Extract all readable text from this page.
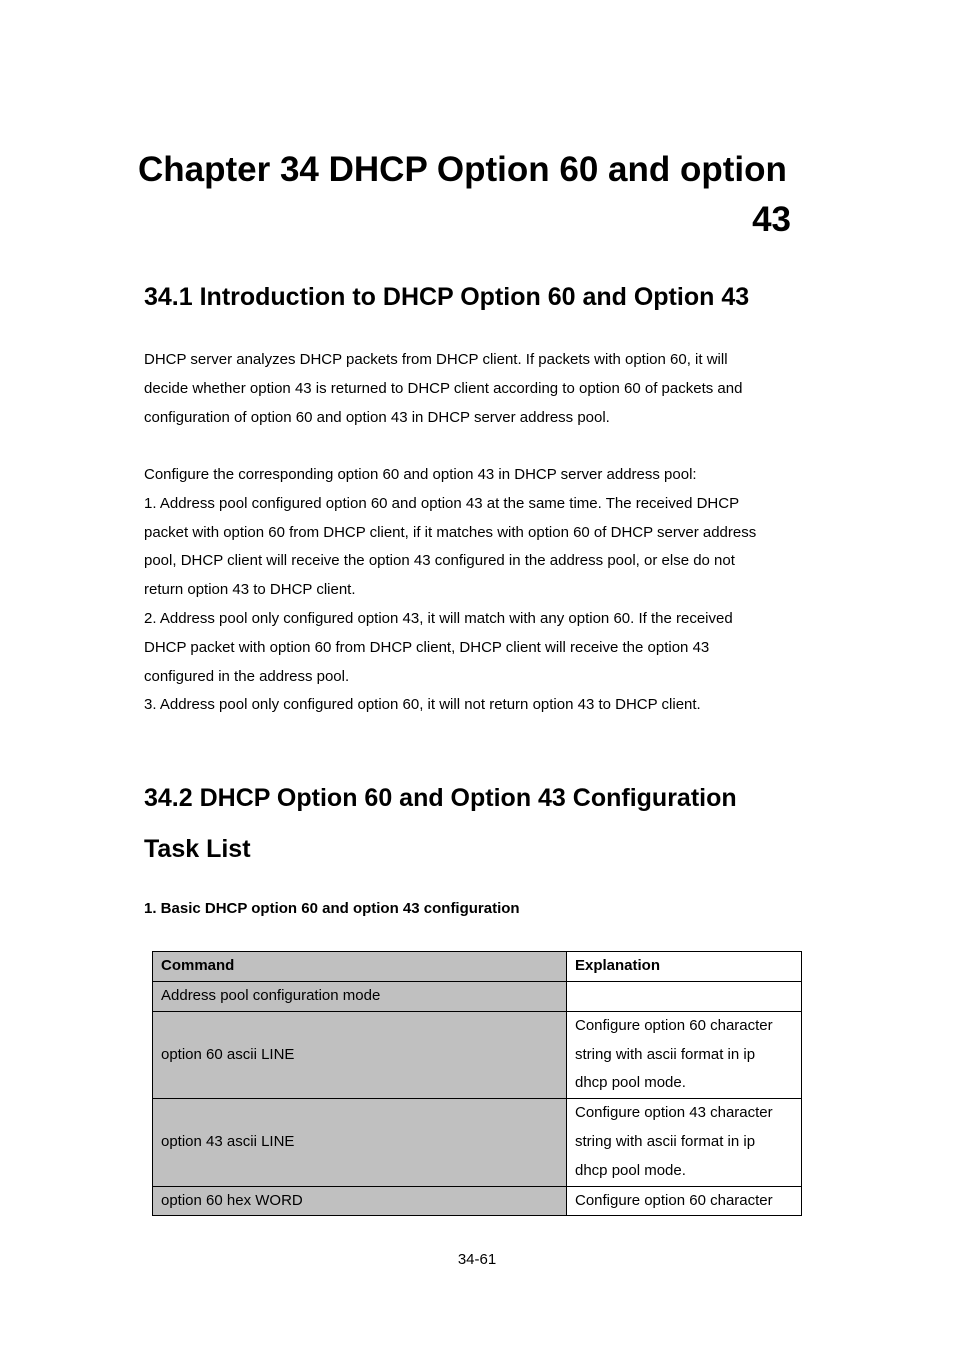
Chapter 34 DHCP Option 60 and option
43
34.1 Introduction to DHCP Option 60 and Option 43
DHCP server analyzes DHCP packets from DHCP client. If packets with option 60, it will
decide whether option 43 is returned to DHCP client according to option 60 of packets and
configuration of option 60 and option 43 in DHCP server address pool.
Configure the corresponding option 60 and option 43 in DHCP server address pool:
1. Address pool configured option 60 and option 43 at the same time. The received DHCP
packet with option 60 from DHCP client, if it matches with option 60 of DHCP server address
pool, DHCP client will receive the option 43 configured in the address pool, or else do not
return option 43 to DHCP client.
2. Address pool only configured option 43, it will match with any option 60. If the received
DHCP packet with option 60 from DHCP client, DHCP client will receive the option 43
configured in the address pool.
3. Address pool only configured option 60, it will not return option 43 to DHCP client.
34.2 DHCP Option 60 and Option 43 Configuration
Task List

1. Basic DHCP option 60 and option 43 configuration

Command	Explanation
Address pool configuration mode	
option 60 ascii LINE	Configure option 60 character
string with ascii format in ip
dhcp pool mode.

option 43 ascii LINE	Configure option 43 character
string with ascii format in ip
dhcp pool mode.

option 60 hex WORD	Configure option 60 character
34-61
